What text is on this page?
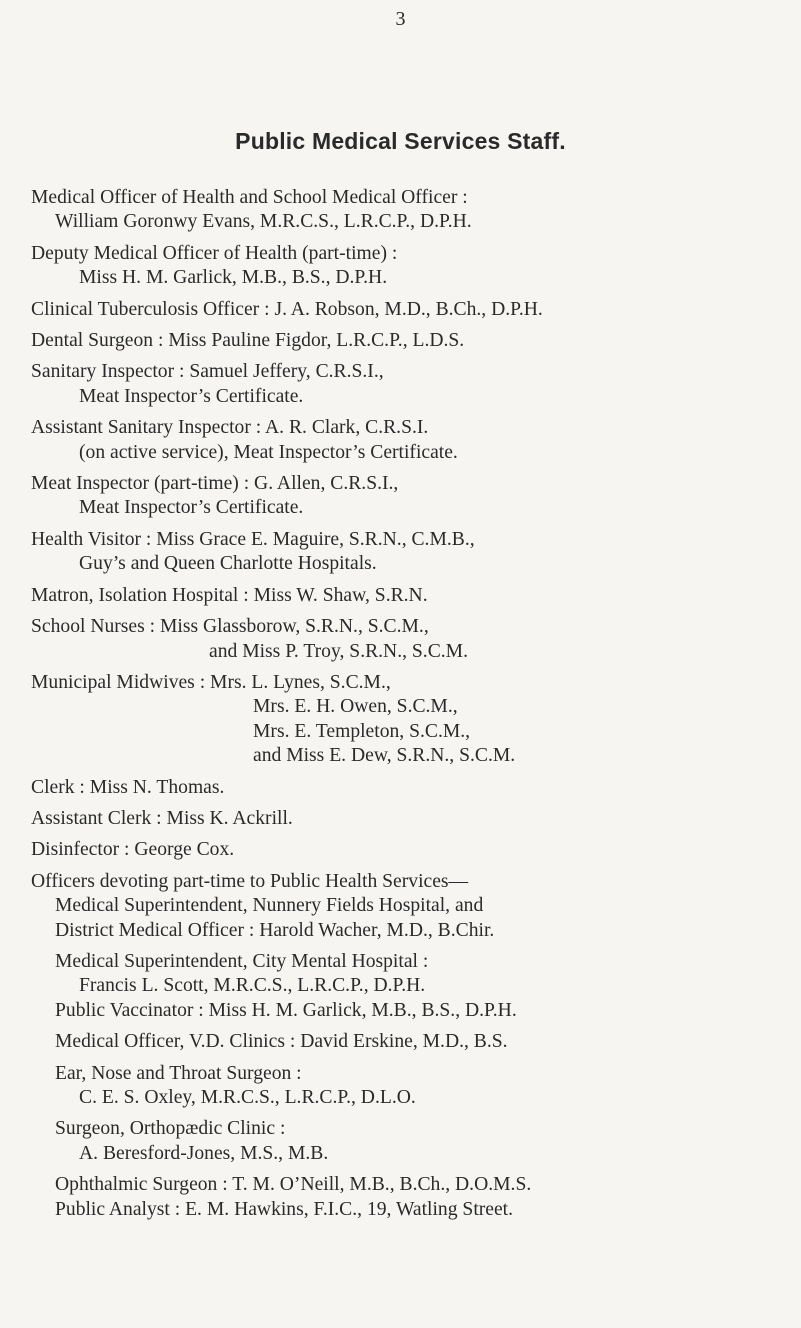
3
Public Medical Services Staff.
Medical Officer of Health and School Medical Officer :
William Goronwy Evans, M.R.C.S., L.R.C.P., D.P.H.
Deputy Medical Officer of Health (part-time) :
Miss H. M. Garlick, M.B., B.S., D.P.H.
Clinical Tuberculosis Officer : J. A. Robson, M.D., B.Ch., D.P.H.
Dental Surgeon : Miss Pauline Figdor, L.R.C.P., L.D.S.
Sanitary Inspector : Samuel Jeffery, C.R.S.I.,
Meat Inspector’s Certificate.
Assistant Sanitary Inspector : A. R. Clark, C.R.S.I.
(on active service), Meat Inspector’s Certificate.
Meat Inspector (part-time) : G. Allen, C.R.S.I.,
Meat Inspector’s Certificate.
Health Visitor : Miss Grace E. Maguire, S.R.N., C.M.B.,
Guy’s and Queen Charlotte Hospitals.
Matron, Isolation Hospital : Miss W. Shaw, S.R.N.
School Nurses : Miss Glassborow, S.R.N., S.C.M.,
and Miss P. Troy, S.R.N., S.C.M.
Municipal Midwives : Mrs. L. Lynes, S.C.M.,
Mrs. E. H. Owen, S.C.M.,
Mrs. E. Templeton, S.C.M.,
and Miss E. Dew, S.R.N., S.C.M.
Clerk : Miss N. Thomas.
Assistant Clerk : Miss K. Ackrill.
Disinfector : George Cox.
Officers devoting part-time to Public Health Services—
Medical Superintendent, Nunnery Fields Hospital, and
District Medical Officer : Harold Wacher, M.D., B.Chir.
Medical Superintendent, City Mental Hospital :
Francis L. Scott, M.R.C.S., L.R.C.P., D.P.H.
Public Vaccinator : Miss H. M. Garlick, M.B., B.S., D.P.H.
Medical Officer, V.D. Clinics : David Erskine, M.D., B.S.
Ear, Nose and Throat Surgeon :
C. E. S. Oxley, M.R.C.S., L.R.C.P., D.L.O.
Surgeon, Orthopædic Clinic :
A. Beresford-Jones, M.S., M.B.
Ophthalmic Surgeon : T. M. O’Neill, M.B., B.Ch., D.O.M.S.
Public Analyst : E. M. Hawkins, F.I.C., 19, Watling Street.
